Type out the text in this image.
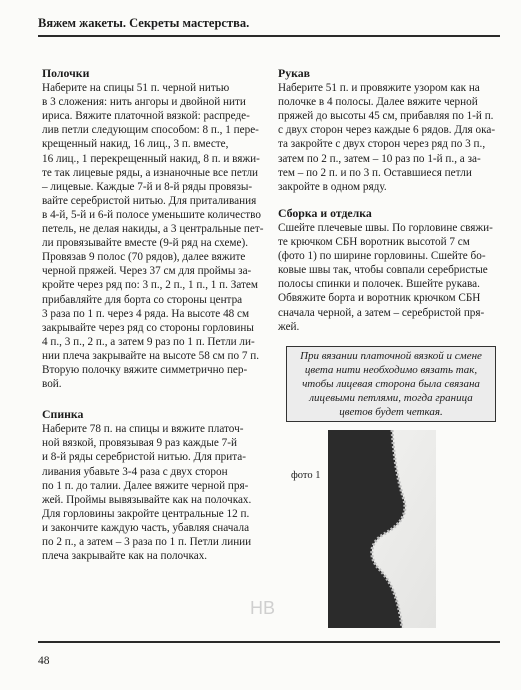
Вяжем жакеты. Секреты мастерства.
HB
Полочки

Наберите на спицы 51 п. черной нитью
в 3 сложения: нить ангоры и двойной нити
ириса. Вяжите платочной вязкой: распреде-
лив петли следующим способом: 8 п., 1 пере-
крещенный накид, 16 лиц., 3 п. вместе,
16 лиц., 1 перекрещенный накид, 8 п. и вяжи-
те так лицевые ряды, а изнаночные все петли
– лицевые. Каждые 7-й и 8-й ряды провязы-
вайте серебристой нитью. Для приталивания
в 4-й, 5-й и 6-й полосе уменьшите количество
петель, не делая накиды, а 3 центральные пет-
ли провязывайте вместе (9-й ряд на схеме).
Провязав 9 полос (70 рядов), далее вяжите
черной пряжей. Через 37 см для проймы за-
кройте через ряд по: 3 п., 2 п., 1 п., 1 п. Затем
прибавляйте для борта со стороны центра
3 раза по 1 п. через 4 ряда. На высоте 48 см
закрывайте через ряд со стороны горловины
4 п., 3 п., 2 п., а затем 9 раз по 1 п. Петли ли-
нии плеча закрывайте на высоте 58 см по 7 п.
Вторую полочку вяжите симметрично пер-
вой.

Спинка

Наберите 78 п. на спицы и вяжите платоч-
ной вязкой, провязывая 9 раз каждые 7-й
и 8-й ряды серебристой нитью. Для прита-
ливания убавьте 3-4 раза с двух сторон
по 1 п. до талии. Далее вяжите черной пря-
жей. Проймы вывязывайте как на полочках.
Для горловины закройте центральные 12 п.
и закончите каждую часть, убавляя сначала
по 2 п., а затем – 3 раза по 1 п. Петли линии
плеча закрывайте как на полочках.

Рукав

Наберите 51 п. и провяжите узором как на
полочке в 4 полосы. Далее вяжите черной
пряжей до высоты 45 см, прибавляя по 1-й п.
с двух сторон через каждые 6 рядов. Для ока-
та закройте с двух сторон через ряд по 3 п.,
затем по 2 п., затем – 10 раз по 1-й п., а за-
тем – по 2 п. и по 3 п. Оставшиеся петли
закройте в одном ряду.

Сборка и отделка

Сшейте плечевые швы. По горловине свяжи-
те крючком СБН воротник высотой 7 см
(фото 1) по ширине горловины. Сшейте бо-
ковые швы так, чтобы совпали серебристые
полосы спинки и полочек. Вшейте рукава.
Обвяжите борта и воротник крючком СБН
сначала черной, а затем – серебристой пря-
жей.

При вязании платочной вязкой и смене
цвета нити необходимо вязать так,
чтобы лицевая сторона была связана
лицевыми петлями, тогда граница
цветов будет четкая.
фото 1
48
